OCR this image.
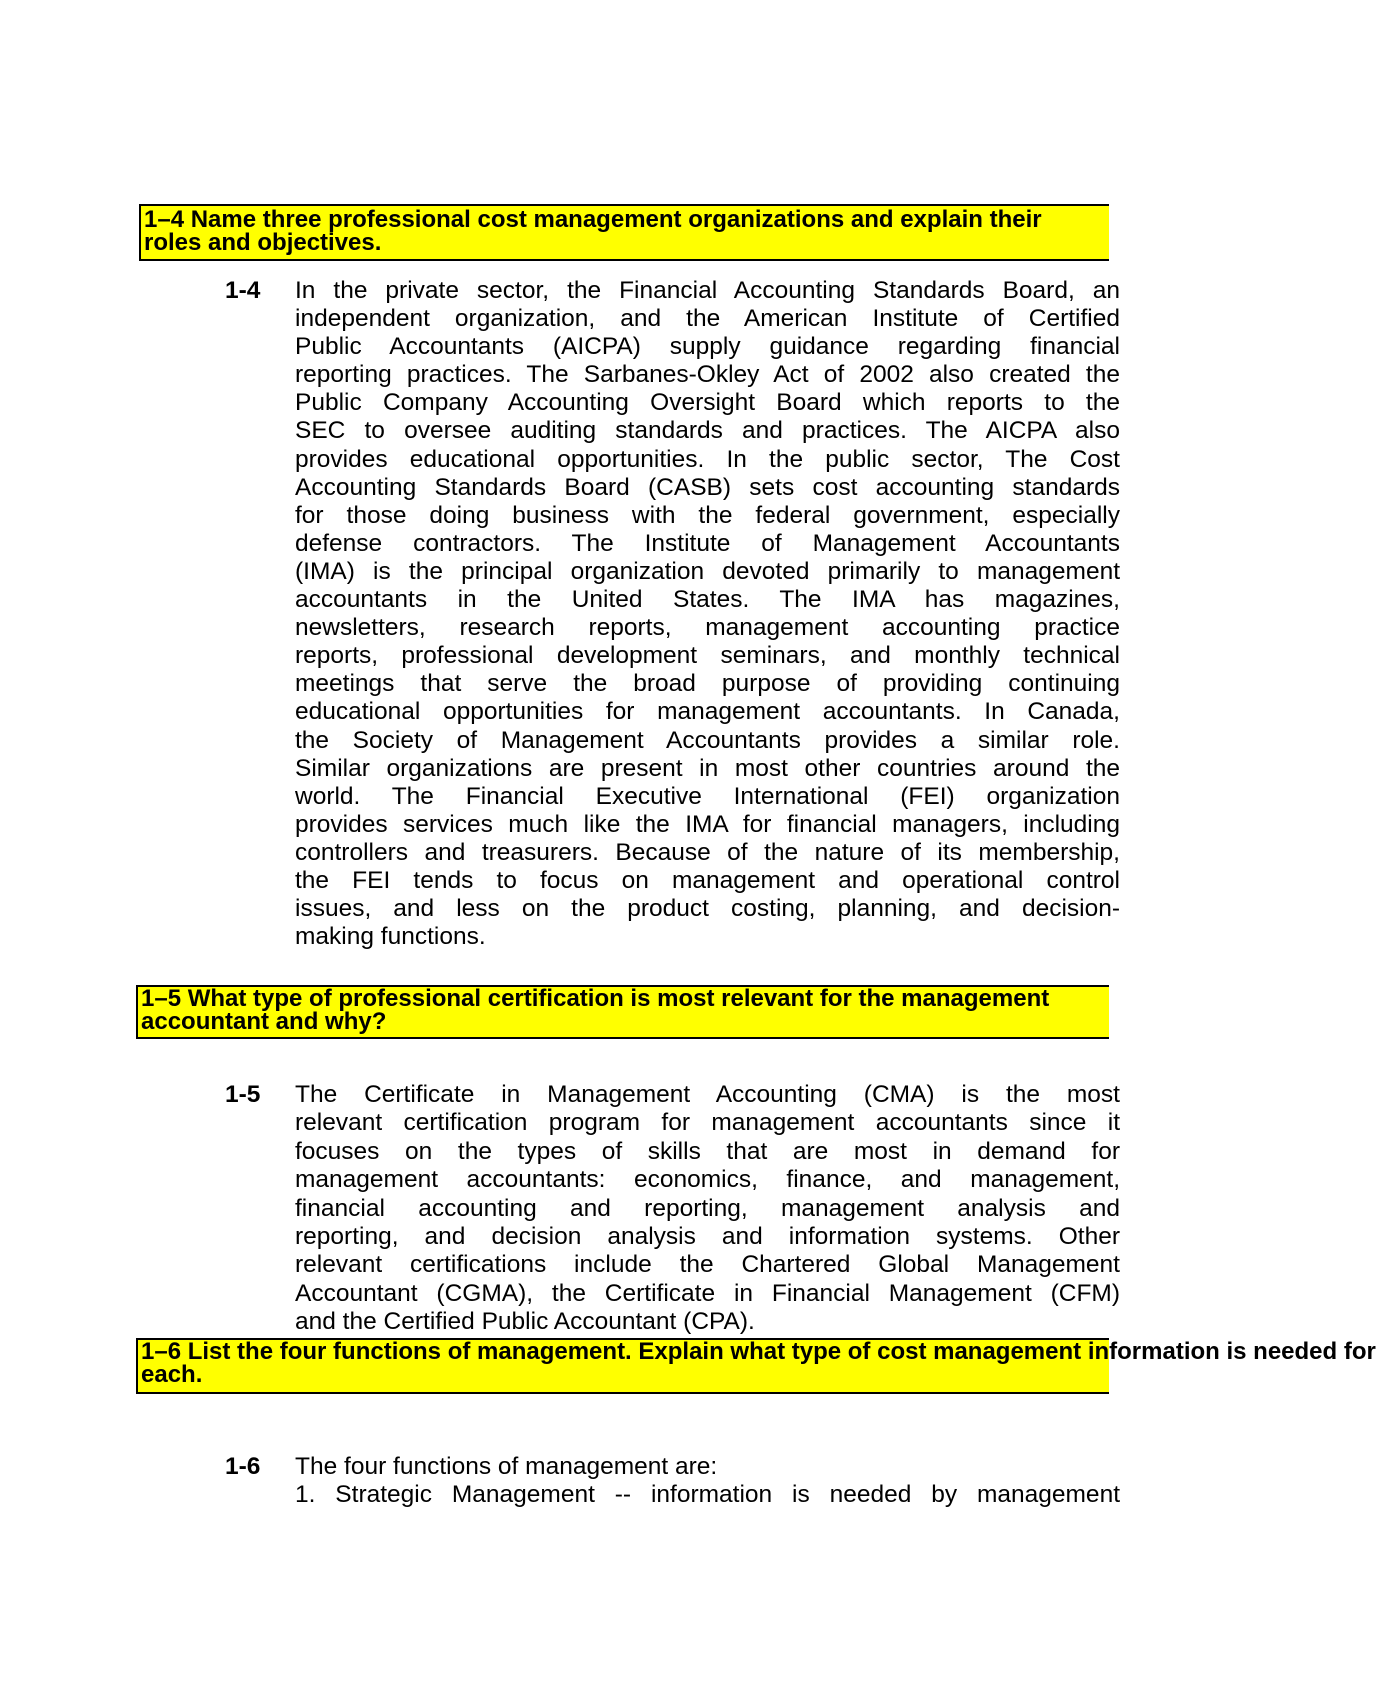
1–4 Name three professional cost management organizations and explain their
roles and objectives.
1-4	In the private sector, the Financial Accounting Standards Board, an
independent organization, and the American Institute of Certified
Public Accountants (AICPA) supply guidance regarding financial
reporting practices. The Sarbanes-Okley Act of 2002 also created the
Public Company Accounting Oversight Board which reports to the
SEC to oversee auditing standards and practices. The AICPA also
provides educational opportunities. In the public sector, The Cost
Accounting Standards Board (CASB) sets cost accounting standards
for those doing business with the federal government, especially
defense contractors. The Institute of Management Accountants
(IMA) is the principal organization devoted primarily to management
accountants in the United States. The IMA has magazines,
newsletters, research reports, management accounting practice
reports, professional development seminars, and monthly technical
meetings that serve the broad purpose of providing continuing
educational opportunities for management accountants. In Canada,
the Society of Management Accountants provides a similar role.
Similar organizations are present in most other countries around the
world. The Financial Executive International (FEI) organization
provides services much like the IMA for financial managers, including
controllers and treasurers. Because of the nature of its membership,
the FEI tends to focus on management and operational control
issues, and less on the product costing, planning, and decision-
making functions.
1–5 What type of professional certification is most relevant for the management
accountant and why?
1-5	The Certificate in Management Accounting (CMA) is the most
relevant certification program for management accountants since it
focuses on the types of skills that are most in demand for
management accountants: economics, finance, and management,
financial accounting and reporting, management analysis and
reporting, and decision analysis and information systems. Other
relevant certifications include the Chartered Global Management
Accountant (CGMA), the Certificate in Financial Management (CFM)
and the Certified Public Accountant (CPA).
1–6 List the four functions of management. Explain what type of cost management information is needed for
each.
1-6	The four functions of management are:
1. Strategic Management -- information is needed by management
